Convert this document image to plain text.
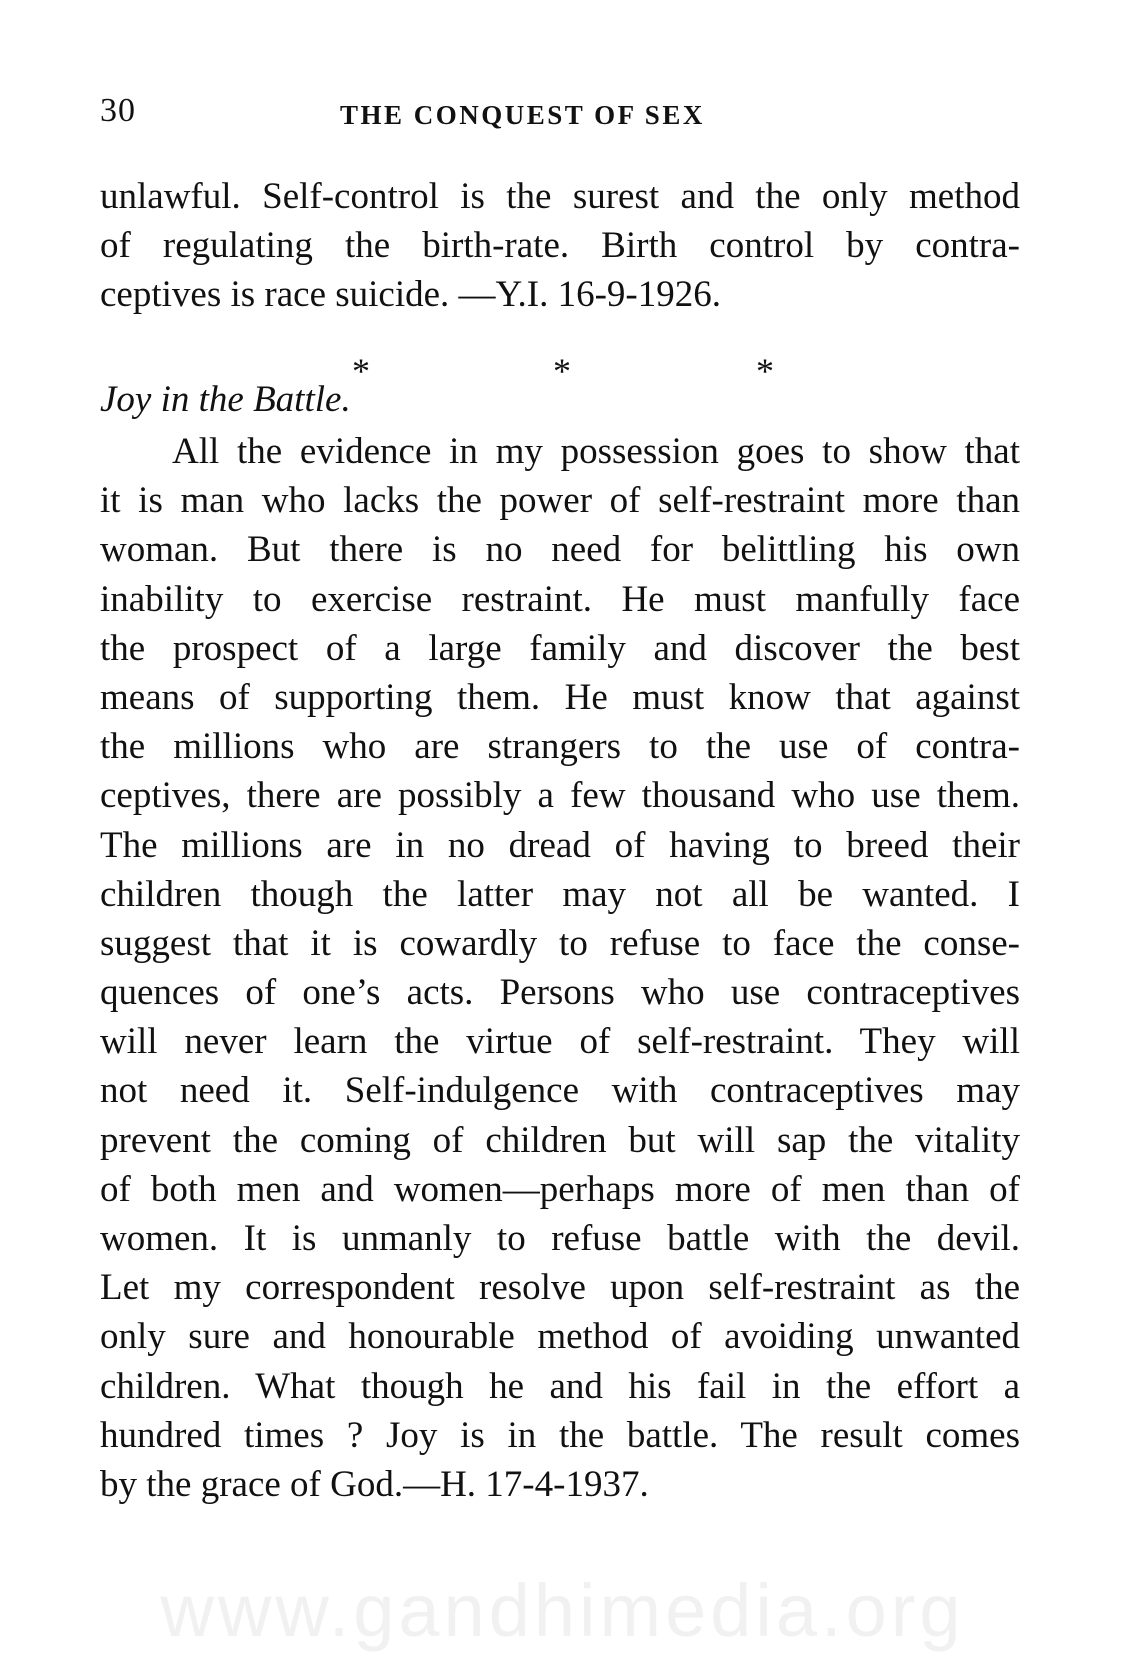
30	THE CONQUEST OF SEX
unlawful. Self-control is the surest and the only method
of regulating the birth-rate. Birth control by contra-
ceptives is race suicide. —Y.I. 16-9-1926.
*	*	*
Joy in the Battle.
All the evidence in my possession goes to show that
it is man who lacks the power of self-restraint more than
woman. But there is no need for belittling his own
inability to exercise restraint. He must manfully face
the prospect of a large family and discover the best
means of supporting them. He must know that against
the millions who are strangers to the use of contra-
ceptives, there are possibly a few thousand who use them.
The millions are in no dread of having to breed their
children though the latter may not all be wanted. I
suggest that it is cowardly to refuse to face the conse-
quences of one’s acts. Persons who use contraceptives
will never learn the virtue of self-restraint. They will
not need it. Self-indulgence with contraceptives may
prevent the coming of children but will sap the vitality
of both men and women—perhaps more of men than of
women. It is unmanly to refuse battle with the devil.
Let my correspondent resolve upon self-restraint as the
only sure and honourable method of avoiding unwanted
children. What though he and his fail in the effort a
hundred times ? Joy is in the battle. The result comes
by the grace of God.—H. 17-4-1937.
www.gandhimedia.org
